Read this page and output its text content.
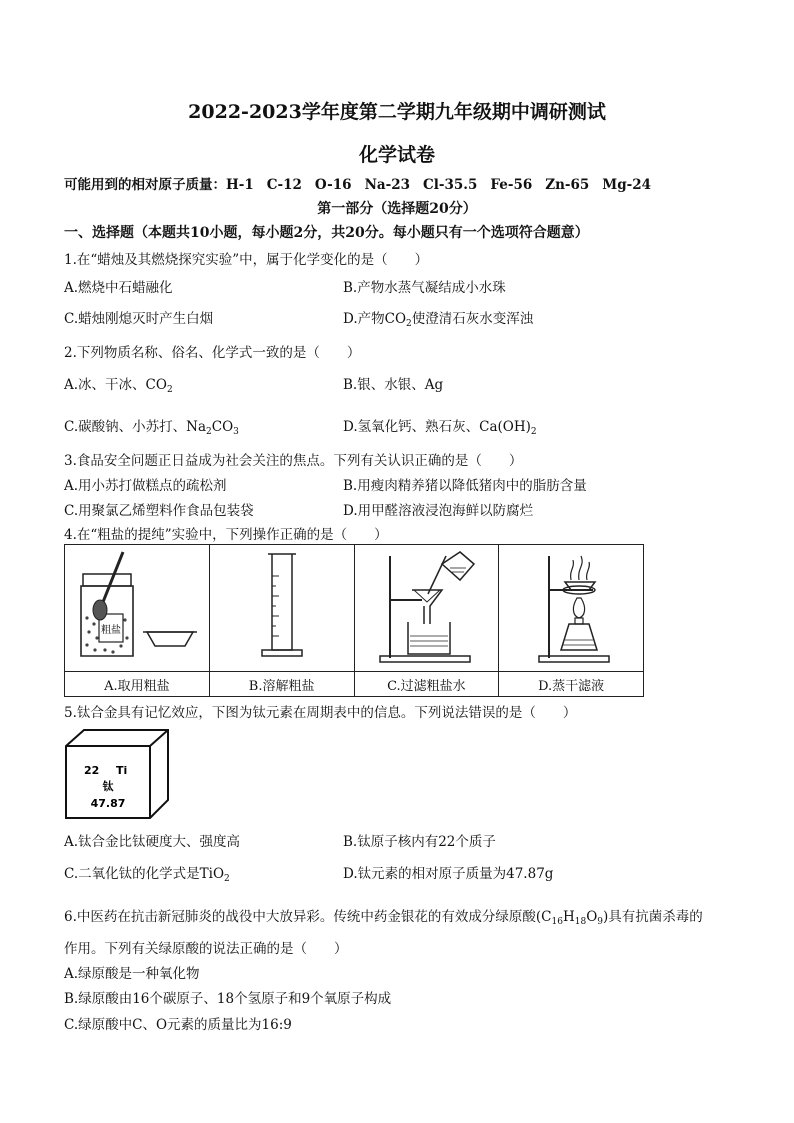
2022-2023学年度第二学期九年级期中调研测试
化学试卷
可能用到的相对原子质量：H-1 C-12 O-16 Na-23 Cl-35.5 Fe-56 Zn-65 Mg-24
第一部分（选择题20分）
一、选择题（本题共10小题，每小题2分，共20分。每小题只有一个选项符合题意）
1.在“蜡烛及其燃烧探究实验”中，属于化学变化的是（　　）
A.燃烧中石蜡融化	B.产物水蒸气凝结成小水珠
C.蜡烛刚熄灭时产生白烟	D.产物$CO_2$使澄清石灰水变浑浊
2.下列物质名称、俗名、化学式一致的是（　　）
A.冰、干冰、$CO_2$	B.银、水银、Ag
C.碳酸钠、小苏打、$Na_2CO_3$	D.氢氧化钙、熟石灰、$Ca(OH)_2$
3.食品安全问题正日益成为社会关注的焦点。下列有关认识正确的是（　　）
A.用小苏打做糕点的疏松剂	B.用瘦肉精养猪以降低猪肉中的脂肪含量
C.用聚氯乙烯塑料作食品包装袋	D.用甲醛溶液浸泡海鲜以防腐烂
4.在“粗盐的提纯”实验中，下列操作正确的是（　　）
粗盐

A.取用粗盐	B.溶解粗盐	C.过滤粗盐水	D.蒸干滤液
5.钛合金具有记忆效应，下图为钛元素在周期表中的信息。下列说法错误的是（　　）
22 Ti
钛
47.87
A.钛合金比钛硬度大、强度高	B.钛原子核内有22个质子
C.二氧化钛的化学式是TiO$_2$	D.钛元素的相对原子质量为47.87g
6.中医药在抗击新冠肺炎的战役中大放异彩。传统中药金银花的有效成分绿原酸$(C_{16}H_{18}O_9)$具有抗菌杀毒的
作用。下列有关绿原酸的说法正确的是（　　）
A.绿原酸是一种氧化物
B.绿原酸由16个碳原子、18个氢原子和9个氧原子构成
C.绿原酸中C、O元素的质量比为16:9
